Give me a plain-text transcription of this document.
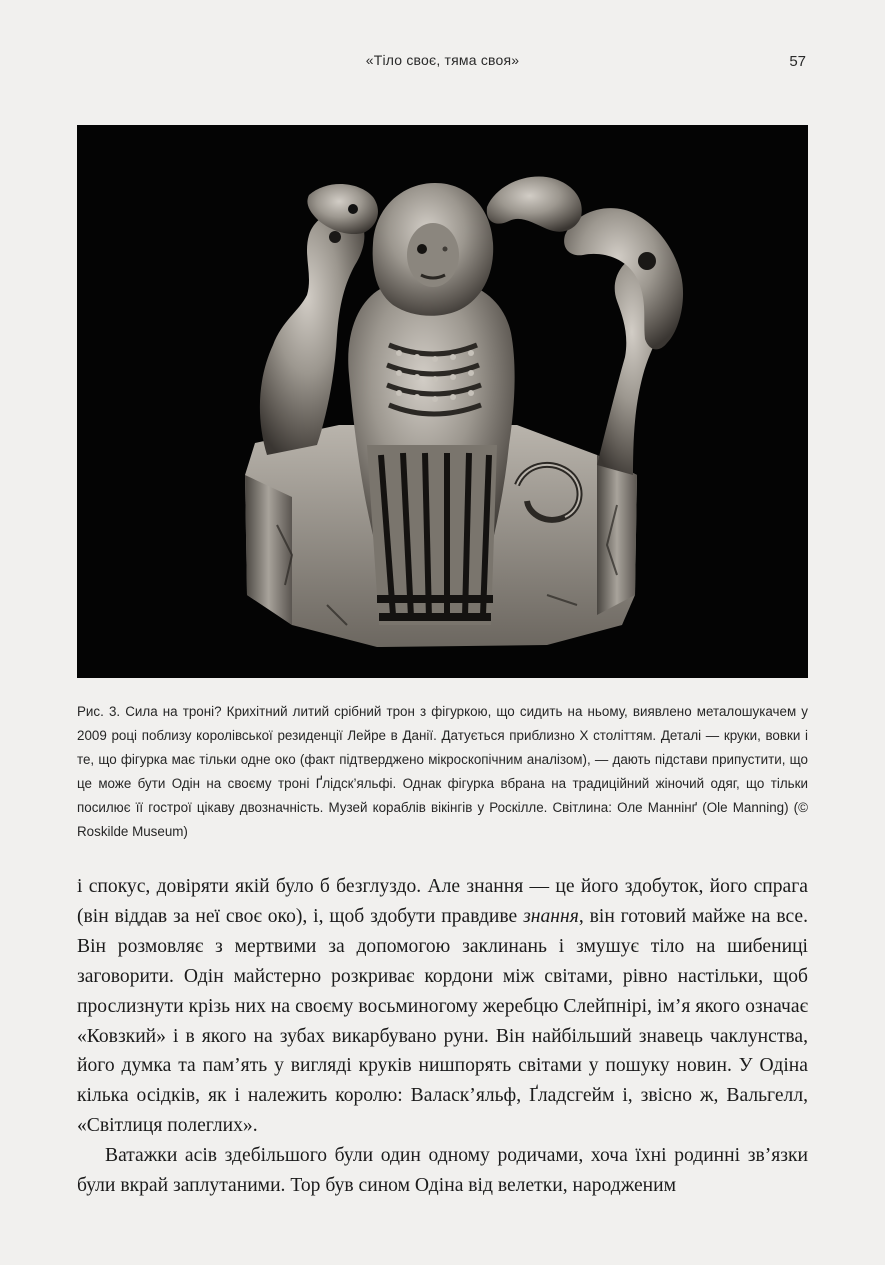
«Тіло своє, тяма своя»	57

Рис. 3. Сила на троні? Крихітний литий срібний трон з фігуркою, що сидить на ньому, виявлено металошукачем у 2009 році поблизу королівської резиденції Лейре в Данії. Датується приблизно X століттям. Деталі — круки, вовки і те, що фігурка має тільки одне око (факт підтверджено мікроскопічним аналізом), — дають підстави припустити, що це може бути Одін на своєму троні Ґлідск’яльфі. Однак фігурка вбрана на традиційний жіночий одяг, що тільки посилює її гострої цікаву двозначність. Музей кораблів вікінгів у Роскілле. Світлина: Оле Маннінґ (Ole Manning) (© Roskilde Museum)

і спокус, довіряти якій було б безглуздо. Але знання — це його здобуток, його спрага (він віддав за неї своє око), і, щоб здобути правдиве знання, він готовий майже на все. Він розмовляє з мертвими за допомогою заклинань і змушує тіло на шибениці заговорити. Одін майстерно розкриває кордони між світами, рівно настільки, щоб прослизнути крізь них на своєму восьминогому жеребцю Слейпнірі, ім’я якого означає «Ковзкий» і в якого на зубах викарбувано руни. Він найбільший знавець чаклунства, його думка та пам’ять у вигляді круків нишпорять світами у пошуку новин. У Одіна кілька осідків, як і належить королю: Валаск’яльф, Ґладсгейм і, звісно ж, Вальгелл, «Світлиця полеглих».

Ватажки асів здебільшого були один одному родичами, хоча їхні родинні зв’язки були вкрай заплутаними. Тор був сином Одіна від велетки, народженим
